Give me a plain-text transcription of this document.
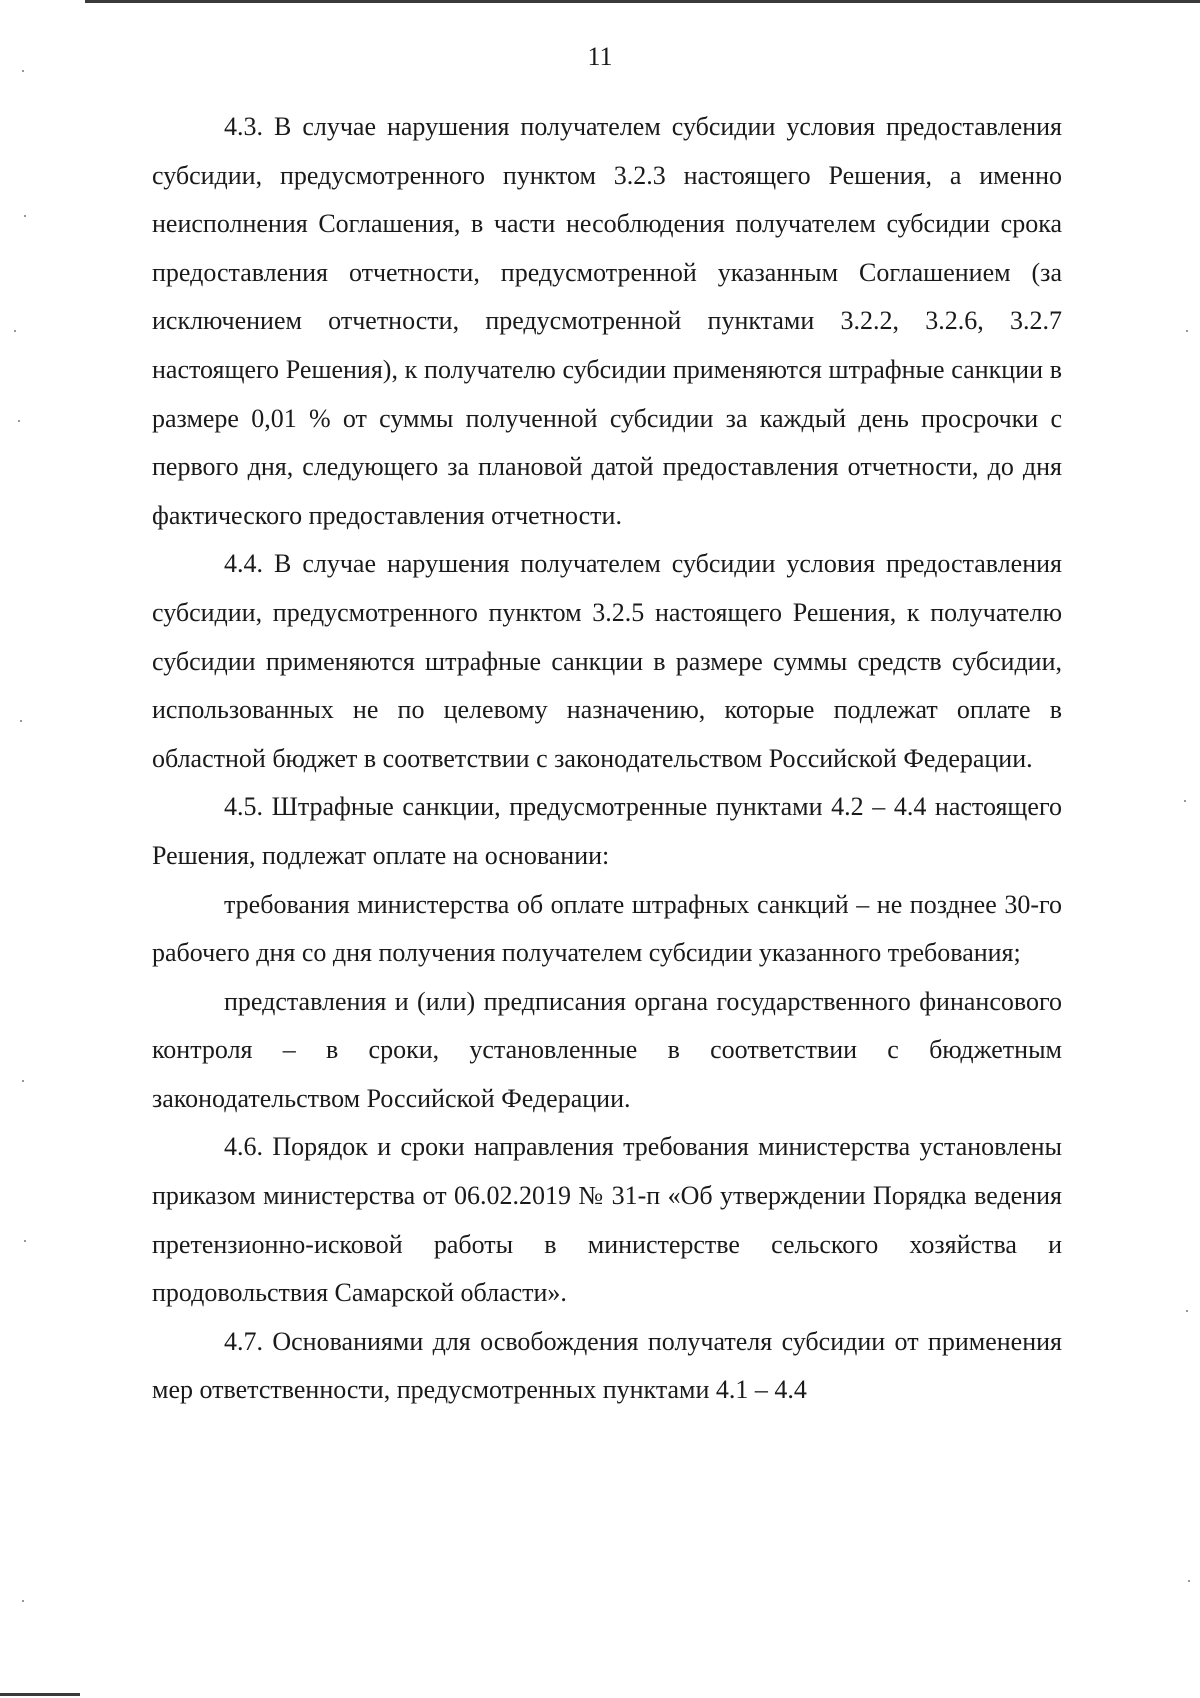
11

4.3. В случае нарушения получателем субсидии условия предоставления субсидии, предусмотренного пунктом 3.2.3 настоящего Решения, а именно неисполнения Соглашения, в части несоблюдения получателем субсидии срока предоставления отчетности, предусмотренной указанным Соглашением (за исключением отчетности, предусмотренной пунктами 3.2.2, 3.2.6, 3.2.7 настоящего Решения), к получателю субсидии применяются штрафные санкции в размере 0,01 % от суммы полученной субсидии за каждый день просрочки с первого дня, следующего за плановой датой предоставления отчетности, до дня фактического предоставления отчетности.

4.4. В случае нарушения получателем субсидии условия предоставления субсидии, предусмотренного пунктом 3.2.5 настоящего Решения, к получателю субсидии применяются штрафные санкции в размере суммы средств субсидии, использованных не по целевому назначению, которые подлежат оплате в областной бюджет в соответствии с законодательством Российской Федерации.

4.5. Штрафные санкции, предусмотренные пунктами 4.2 – 4.4 настоящего Решения, подлежат оплате на основании:

требования министерства об оплате штрафных санкций – не позднее 30-го рабочего дня со дня получения получателем субсидии указанного требования;

представления и (или) предписания органа государственного финансового контроля – в сроки, установленные в соответствии с бюджетным законодательством Российской Федерации.

4.6. Порядок и сроки направления требования министерства установлены приказом министерства от 06.02.2019 № 31-п «Об утверждении Порядка ведения претензионно-исковой работы в министерстве сельского хозяйства и продовольствия Самарской области».

4.7. Основаниями для освобождения получателя субсидии от применения мер ответственности, предусмотренных пунктами 4.1 – 4.4
